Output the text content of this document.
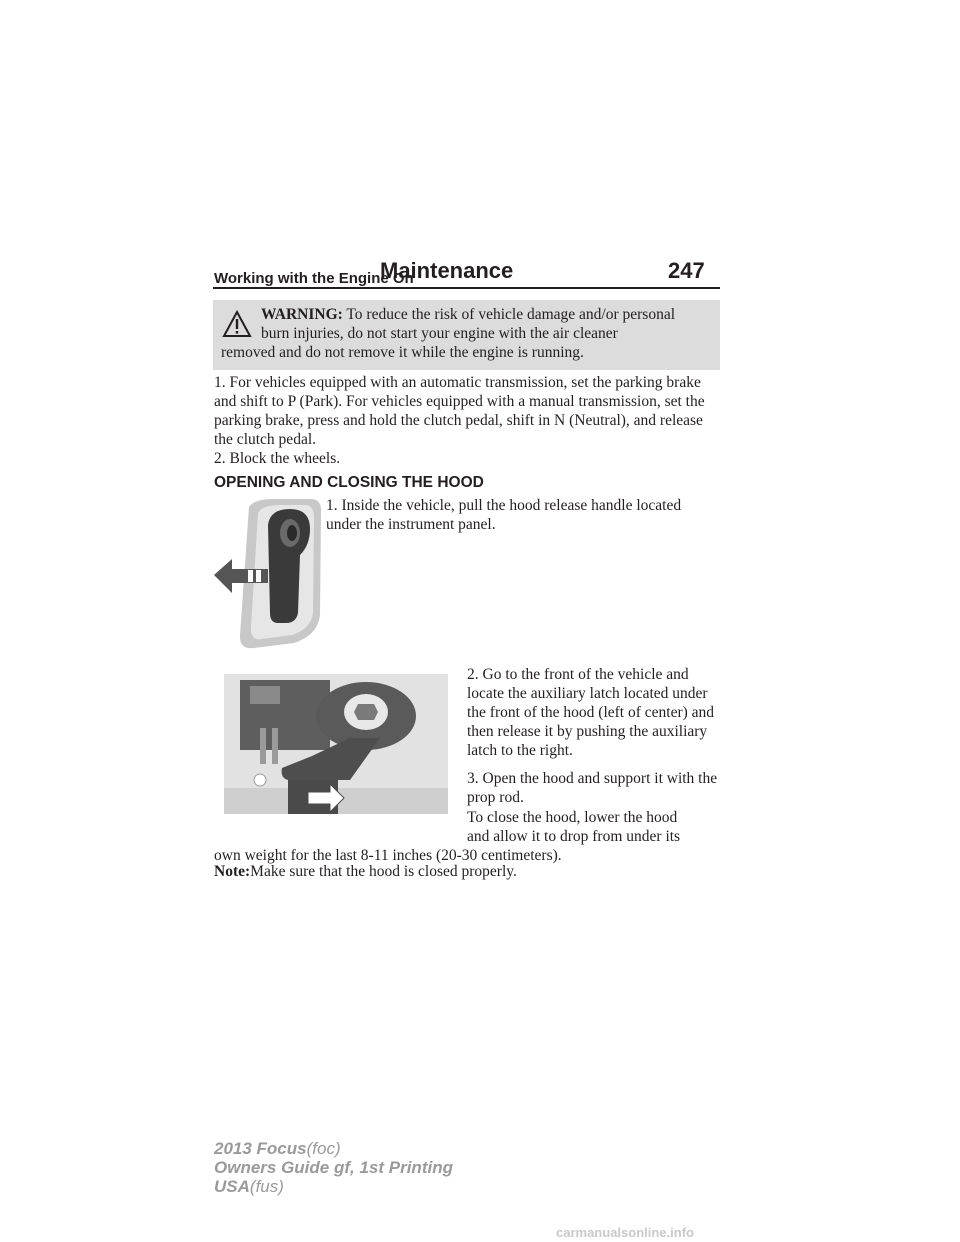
Maintenance	247
Working with the Engine On
WARNING: To reduce the risk of vehicle damage and/or personal
burn injuries, do not start your engine with the air cleaner
removed and do not remove it while the engine is running.

1. For vehicles equipped with an automatic transmission, set the parking brake and shift to P (Park). For vehicles equipped with a manual transmission, set the parking brake, press and hold the clutch pedal, shift in N (Neutral), and release the clutch pedal.

2. Block the wheels.

OPENING AND CLOSING THE HOOD

1. Inside the vehicle, pull the hood release handle located under the instrument panel.

2. Go to the front of the vehicle and locate the auxiliary latch located under the front of the hood (left of center) and then release it by pushing the auxiliary latch to the right.

3. Open the hood and support it with the prop rod.

To close the hood, lower the hood
and allow it to drop from under its
own weight for the last 8-11 inches (20-30 centimeters).
Note:Make sure that the hood is closed properly.
2013 Focus(foc)
Owners Guide gf, 1st Printing
USA(fus)
carmanualsonline.info
